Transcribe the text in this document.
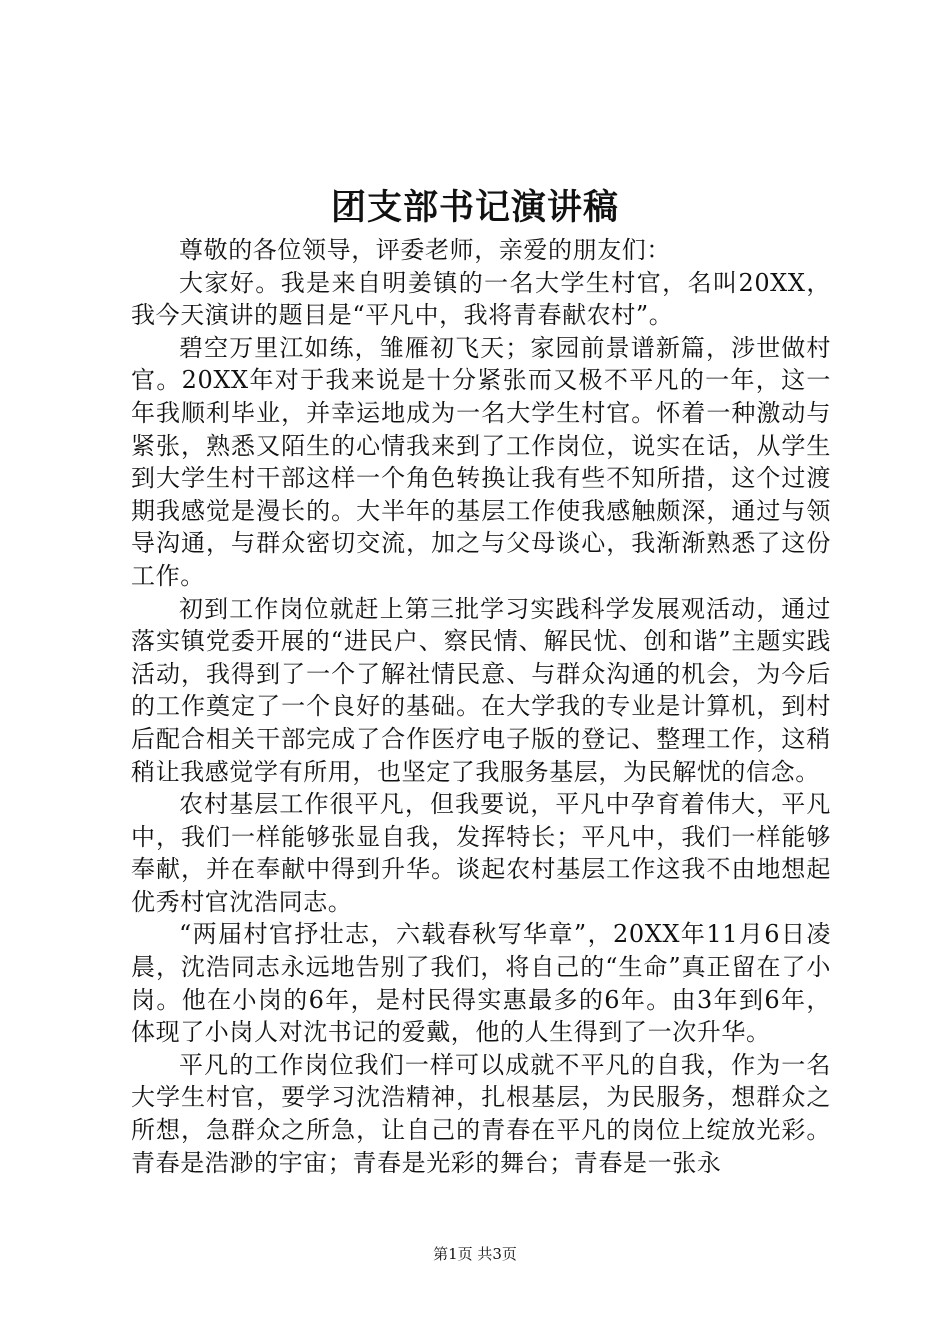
团支部书记演讲稿

尊敬的各位领导，评委老师，亲爱的朋友们：

大家好。我是来自明姜镇的一名大学生村官，名叫20XX，我今天演讲的题目是“平凡中，我将青春献农村”。

碧空万里江如练，雏雁初飞天；家园前景谱新篇，涉世做村官。20XX年对于我来说是十分紧张而又极不平凡的一年，这一年我顺利毕业，并幸运地成为一名大学生村官。怀着一种激动与紧张，熟悉又陌生的心情我来到了工作岗位，说实在话，从学生到大学生村干部这样一个角色转换让我有些不知所措，这个过渡期我感觉是漫长的。大半年的基层工作使我感触颇深，通过与领导沟通，与群众密切交流，加之与父母谈心，我渐渐熟悉了这份工作。

初到工作岗位就赶上第三批学习实践科学发展观活动，通过落实镇党委开展的“进民户、察民情、解民忧、创和谐”主题实践活动，我得到了一个了解社情民意、与群众沟通的机会，为今后的工作奠定了一个良好的基础。在大学我的专业是计算机，到村后配合相关干部完成了合作医疗电子版的登记、整理工作，这稍稍让我感觉学有所用，也坚定了我服务基层，为民解忧的信念。

农村基层工作很平凡，但我要说，平凡中孕育着伟大，平凡中，我们一样能够张显自我，发挥特长；平凡中，我们一样能够奉献，并在奉献中得到升华。谈起农村基层工作这我不由地想起优秀村官沈浩同志。

“两届村官抒壮志，六载春秋写华章”，20XX年11月6日凌晨，沈浩同志永远地告别了我们，将自己的“生命”真正留在了小岗。他在小岗的6年，是村民得实惠最多的6年。由3年到6年，体现了小岗人对沈书记的爱戴，他的人生得到了一次升华。

平凡的工作岗位我们一样可以成就不平凡的自我，作为一名大学生村官，要学习沈浩精神，扎根基层，为民服务，想群众之所想，急群众之所急，让自己的青春在平凡的岗位上绽放光彩。青春是浩渺的宇宙；青春是光彩的舞台；青春是一张永

第1页 共3页
